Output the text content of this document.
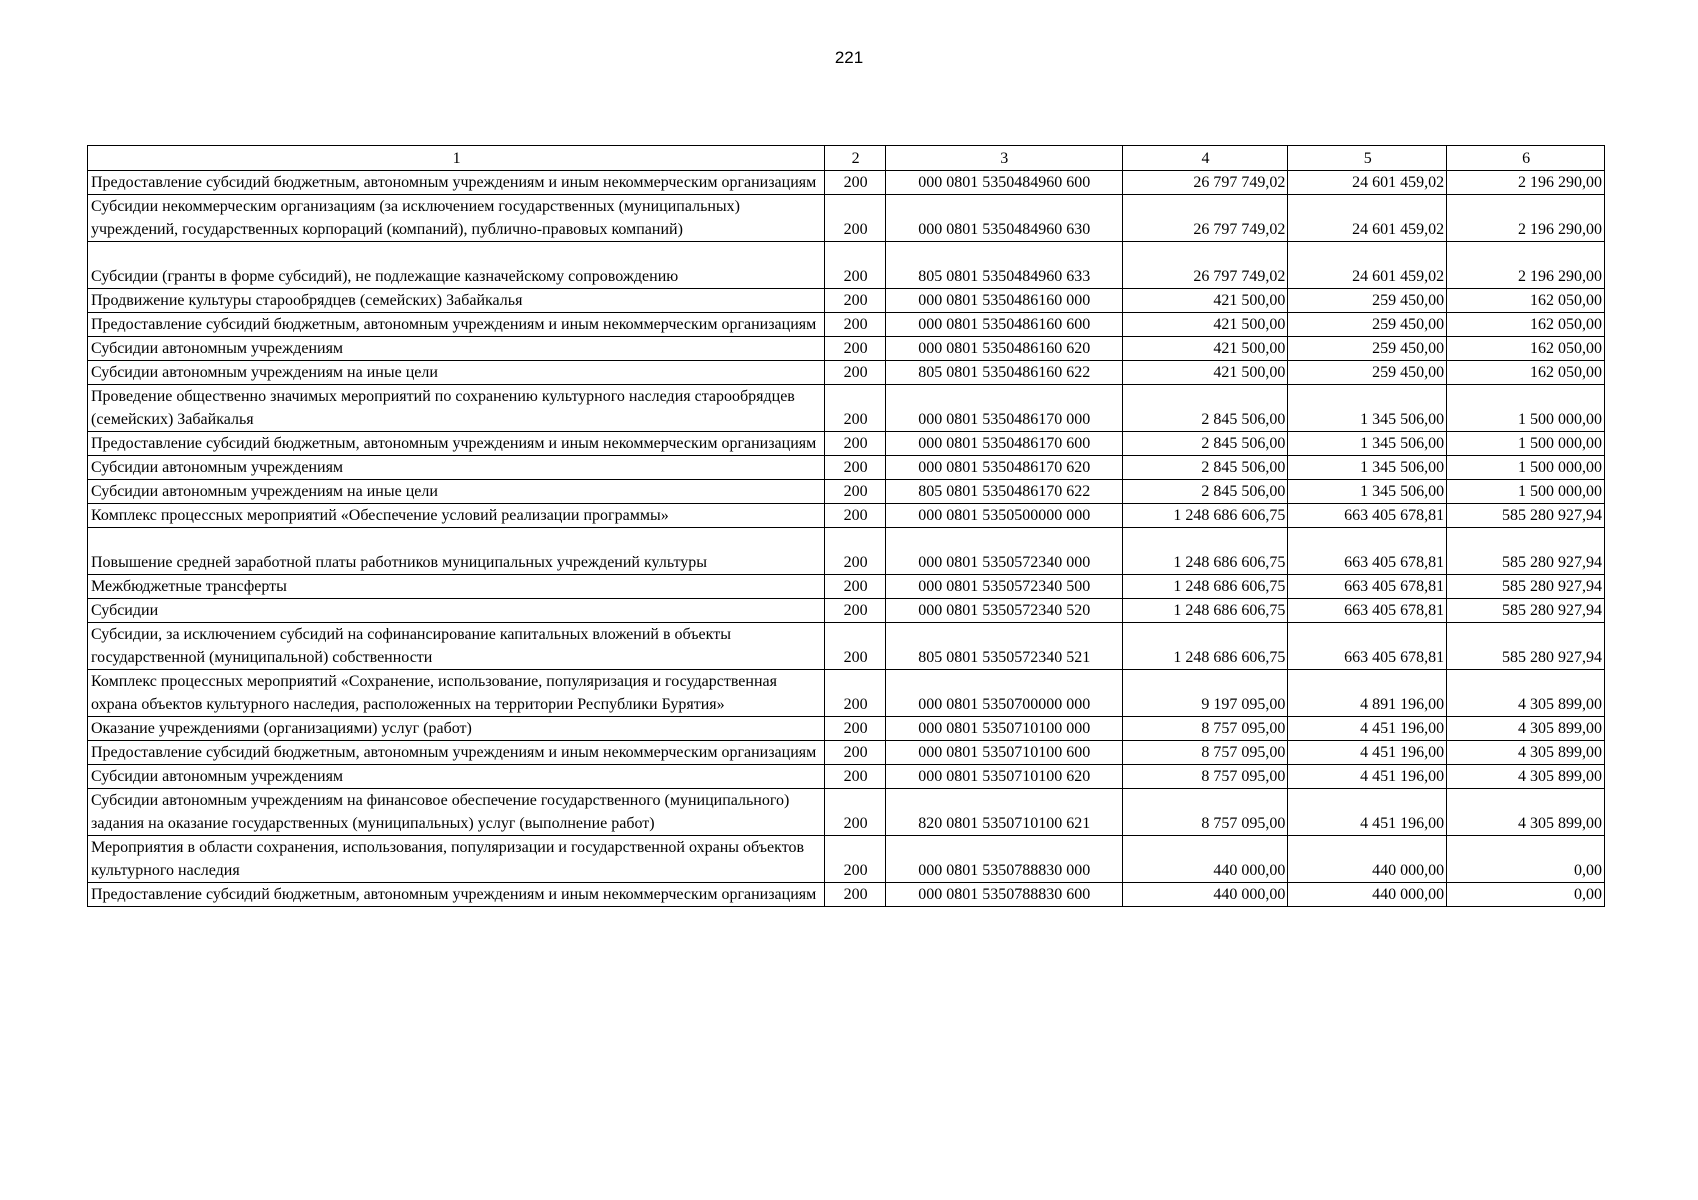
221
1	2	3	4	5	6
Предоставление субсидий бюджетным, автономным учреждениям и иным некоммерческим организациям	200	000 0801 5350484960 600	26 797 749,02	24 601 459,02	2 196 290,00
Субсидии некоммерческим организациям (за исключением государственных (муниципальных) учреждений, государственных корпораций (компаний), публично-правовых компаний)	200	000 0801 5350484960 630	26 797 749,02	24 601 459,02	2 196 290,00
Субсидии (гранты в форме субсидий), не подлежащие казначейскому сопровождению	200	805 0801 5350484960 633	26 797 749,02	24 601 459,02	2 196 290,00
Продвижение культуры старообрядцев (семейских) Забайкалья	200	000 0801 5350486160 000	421 500,00	259 450,00	162 050,00
Предоставление субсидий бюджетным, автономным учреждениям и иным некоммерческим организациям	200	000 0801 5350486160 600	421 500,00	259 450,00	162 050,00
Субсидии автономным учреждениям	200	000 0801 5350486160 620	421 500,00	259 450,00	162 050,00
Субсидии автономным учреждениям на иные цели	200	805 0801 5350486160 622	421 500,00	259 450,00	162 050,00
Проведение общественно значимых мероприятий по сохранению культурного наследия старообрядцев (семейских) Забайкалья	200	000 0801 5350486170 000	2 845 506,00	1 345 506,00	1 500 000,00
Предоставление субсидий бюджетным, автономным учреждениям и иным некоммерческим организациям	200	000 0801 5350486170 600	2 845 506,00	1 345 506,00	1 500 000,00
Субсидии автономным учреждениям	200	000 0801 5350486170 620	2 845 506,00	1 345 506,00	1 500 000,00
Субсидии автономным учреждениям на иные цели	200	805 0801 5350486170 622	2 845 506,00	1 345 506,00	1 500 000,00
Комплекс процессных мероприятий «Обеспечение условий реализации программы»	200	000 0801 5350500000 000	1 248 686 606,75	663 405 678,81	585 280 927,94
Повышение средней заработной платы работников муниципальных учреждений культуры	200	000 0801 5350572340 000	1 248 686 606,75	663 405 678,81	585 280 927,94
Межбюджетные трансферты	200	000 0801 5350572340 500	1 248 686 606,75	663 405 678,81	585 280 927,94
Субсидии	200	000 0801 5350572340 520	1 248 686 606,75	663 405 678,81	585 280 927,94
Субсидии, за исключением субсидий на софинансирование капитальных вложений в объекты государственной (муниципальной) собственности	200	805 0801 5350572340 521	1 248 686 606,75	663 405 678,81	585 280 927,94
Комплекс процессных мероприятий «Сохранение, использование, популяризация и государственная охрана объектов культурного наследия, расположенных на территории Республики Бурятия»	200	000 0801 5350700000 000	9 197 095,00	4 891 196,00	4 305 899,00
Оказание учреждениями (организациями) услуг (работ)	200	000 0801 5350710100 000	8 757 095,00	4 451 196,00	4 305 899,00
Предоставление субсидий бюджетным, автономным учреждениям и иным некоммерческим организациям	200	000 0801 5350710100 600	8 757 095,00	4 451 196,00	4 305 899,00
Субсидии автономным учреждениям	200	000 0801 5350710100 620	8 757 095,00	4 451 196,00	4 305 899,00
Субсидии автономным учреждениям на финансовое обеспечение государственного (муниципального) задания на оказание государственных (муниципальных) услуг (выполнение работ)	200	820 0801 5350710100 621	8 757 095,00	4 451 196,00	4 305 899,00
Мероприятия в области сохранения, использования, популяризации и государственной охраны объектов культурного наследия	200	000 0801 5350788830 000	440 000,00	440 000,00	0,00
Предоставление субсидий бюджетным, автономным учреждениям и иным некоммерческим организациям	200	000 0801 5350788830 600	440 000,00	440 000,00	0,00
